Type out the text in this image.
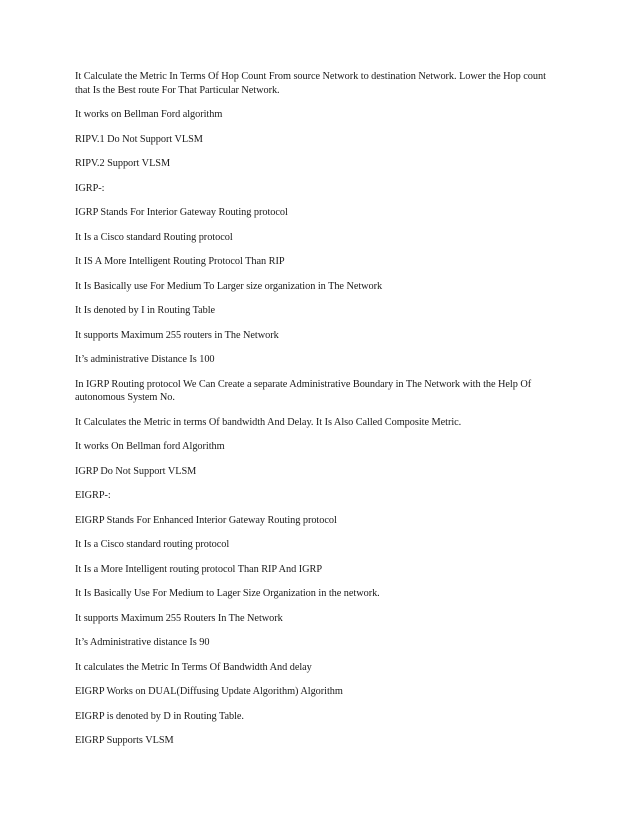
It Calculate the Metric In Terms Of Hop Count From source Network to destination Network. Lower the Hop count
that Is the Best route For That Particular Network.

It works on Bellman Ford algorithm

RIPV.1 Do Not Support VLSM

RIPV.2 Support VLSM

IGRP-:

IGRP Stands For Interior Gateway Routing protocol

It Is a Cisco standard Routing protocol

It IS A More Intelligent Routing Protocol Than RIP

It Is Basically use For Medium To Larger size organization in The Network

It Is denoted by I in Routing Table

It supports Maximum 255 routers in The Network

It’s administrative Distance Is 100

In IGRP Routing protocol We Can Create a separate Administrative Boundary in The Network with the Help Of
autonomous System No.

It Calculates the Metric in terms Of bandwidth And Delay. It Is Also Called Composite Metric.

It works On Bellman ford Algorithm

IGRP Do Not Support VLSM

EIGRP-:

EIGRP Stands For Enhanced Interior Gateway Routing protocol

It Is a Cisco standard routing protocol

It Is a More Intelligent routing protocol Than RIP And IGRP

It Is Basically Use For Medium to Lager Size Organization in the network.

It supports Maximum 255 Routers In The Network

It’s Administrative distance Is 90

It calculates the Metric In Terms Of Bandwidth And delay

EIGRP Works on DUAL(Diffusing Update Algorithm) Algorithm

EIGRP is denoted by D in Routing Table.

EIGRP Supports VLSM
